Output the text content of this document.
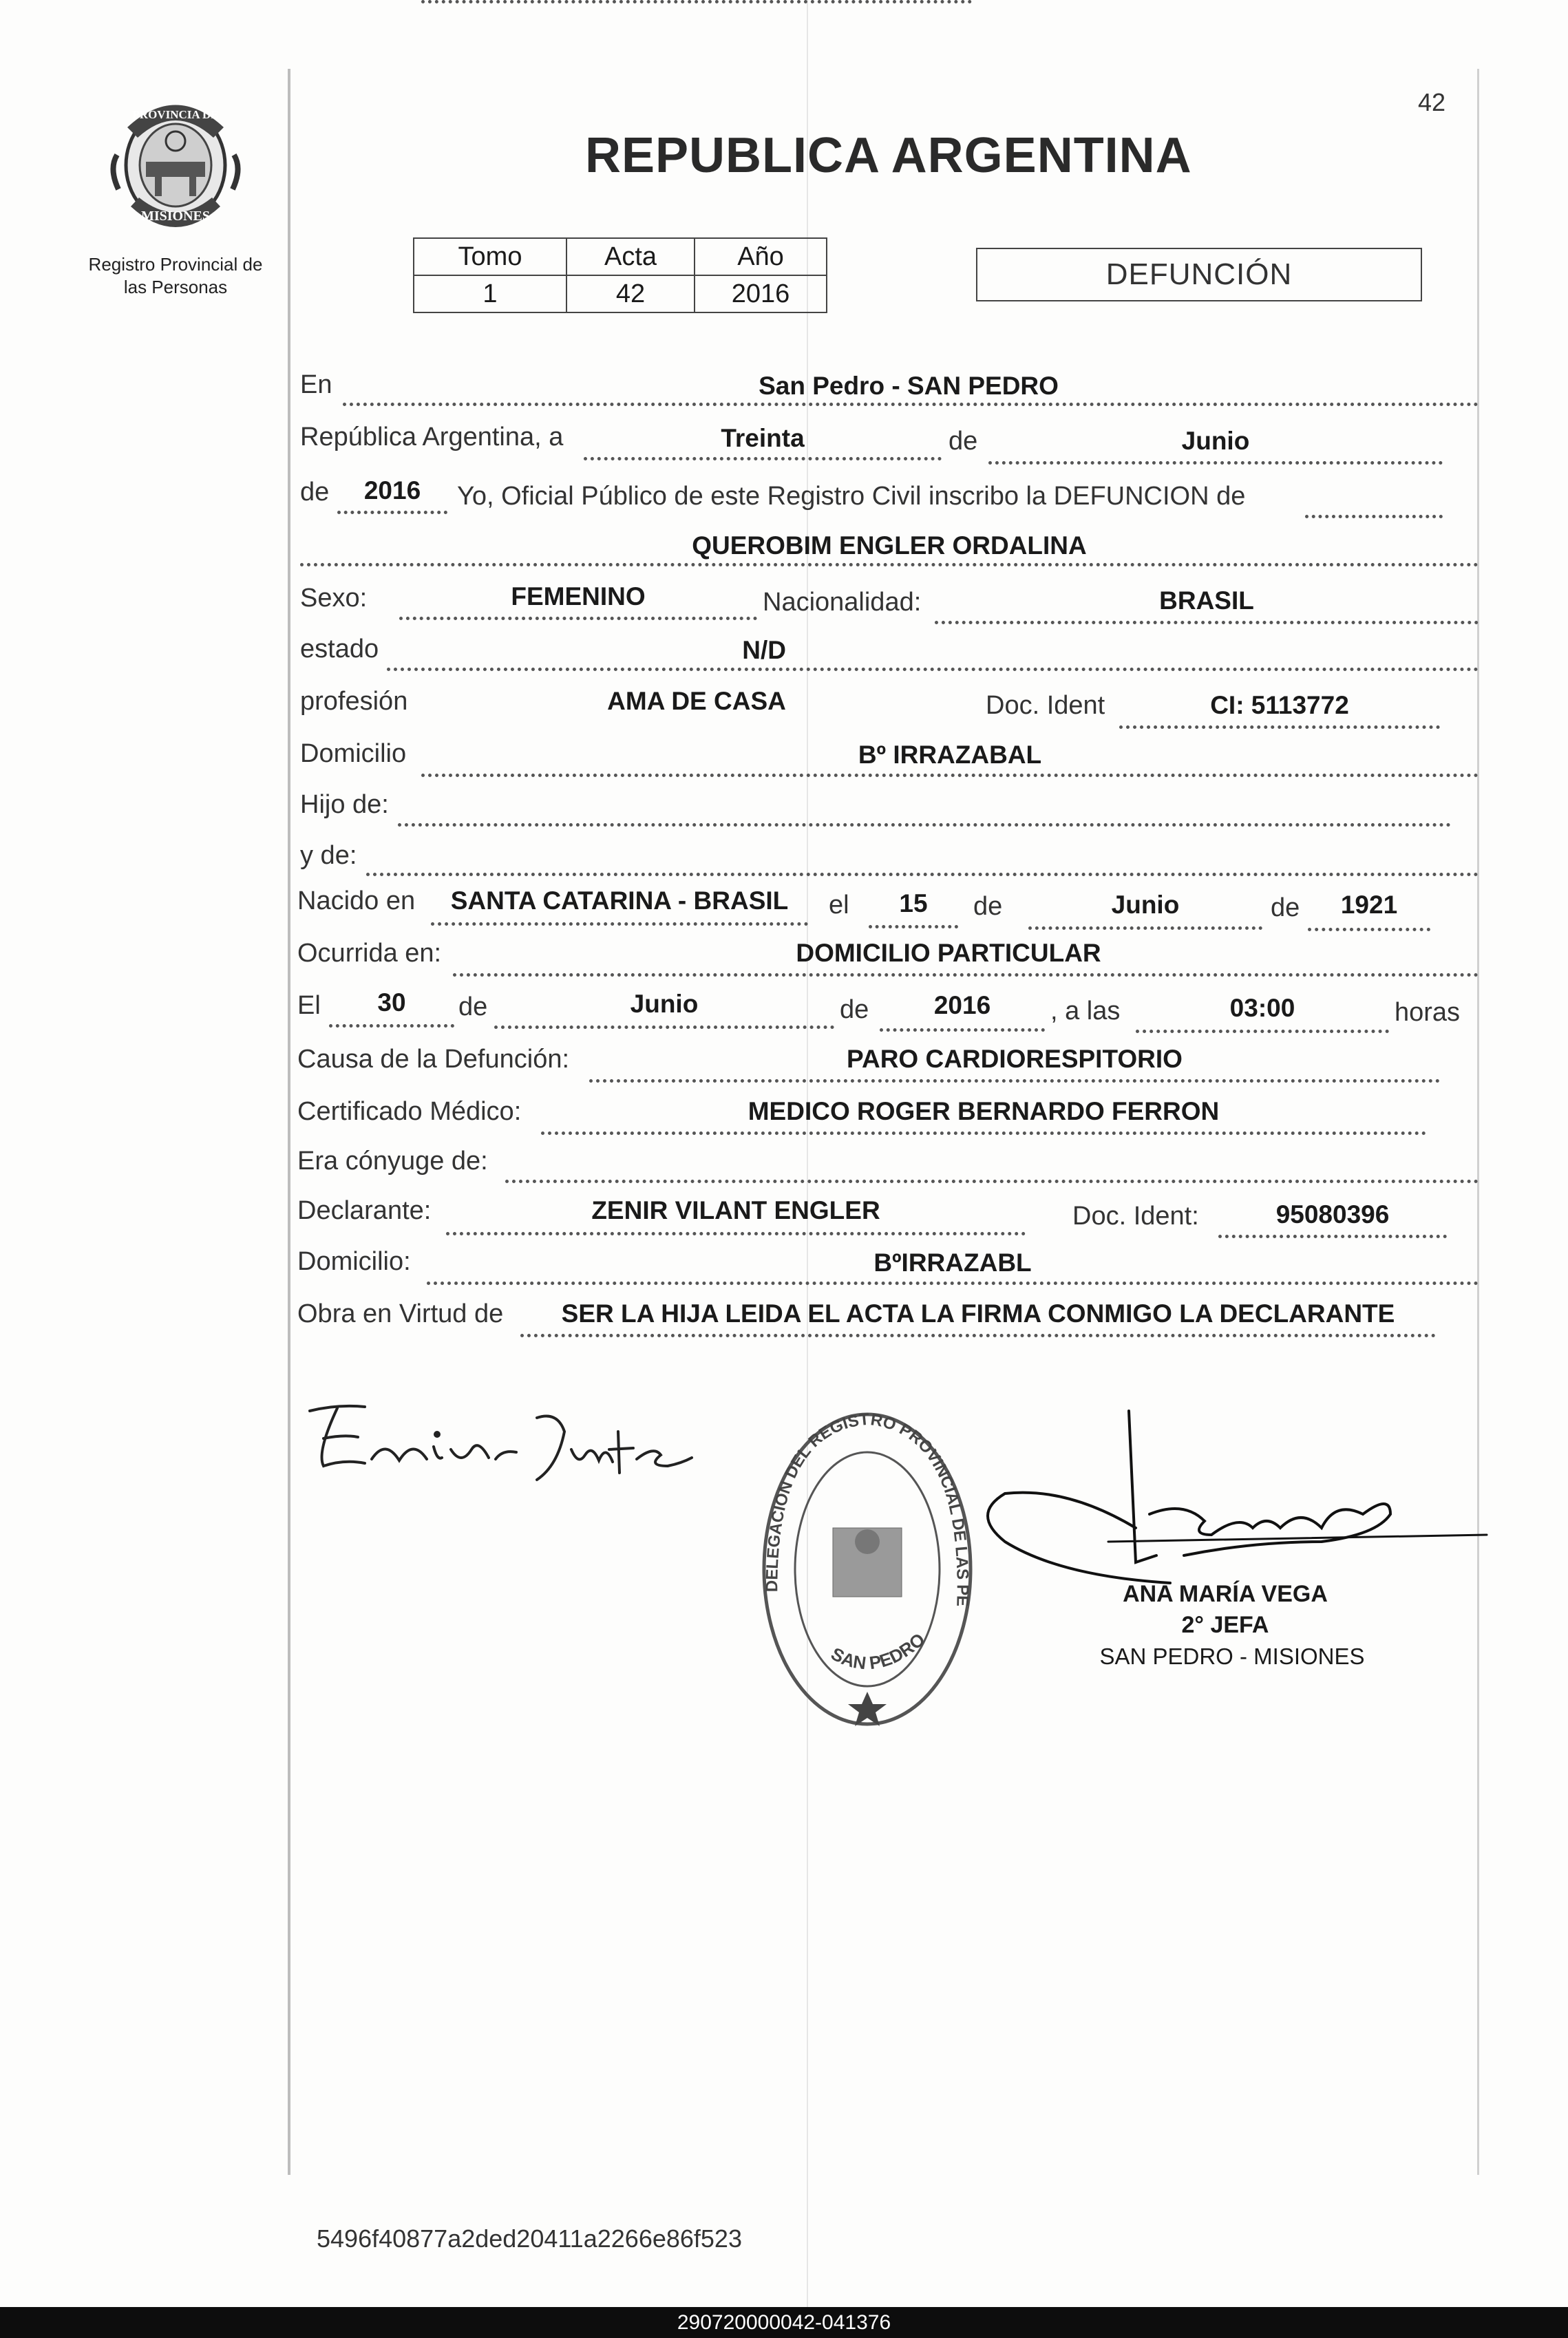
PROVINCIA DE
MISIONES
Registro Provincial de
las Personas
42
REPUBLICA ARGENTINA
Tomo	Acta	Año
1	42	2016
DEFUNCIÓN
En	San Pedro - SAN PEDRO
República Argentina, a	Treinta	de	Junio
de	2016	Yo, Oficial Público de este Registro Civil inscribo la DEFUNCION de
QUEROBIM ENGLER ORDALINA
Sexo:	FEMENINO	Nacionalidad:	BRASIL
estado	N/D
profesión	AMA DE CASA	Doc. Ident	CI: 5113772
Domicilio	Bº IRRAZABAL
Hijo de:
y de:
Nacido en	SANTA CATARINA - BRASIL	el	15	de	Junio	de	1921
Ocurrida en:	DOMICILIO PARTICULAR
El	30	de	Junio	de	2016	, a las	03:00	horas
Causa de la Defunción:	PARO CARDIORESPITORIO
Certificado Médico:	MEDICO ROGER BERNARDO FERRON
Era cónyuge de:
Declarante:	ZENIR VILANT ENGLER	Doc. Ident:	95080396
Domicilio:	BºIRRAZABL
Obra en Virtud de	SER LA HIJA LEIDA EL ACTA LA FIRMA CONMIGO LA DECLARANTE
DELEGACION DEL REGISTRO PROVINCIAL DE LAS PE
SAN PEDRO
ANA MARÍA VEGA
2° JEFA
SAN PEDRO - MISIONES
5496f40877a2ded20411a2266e86f523
290720000042-041376
